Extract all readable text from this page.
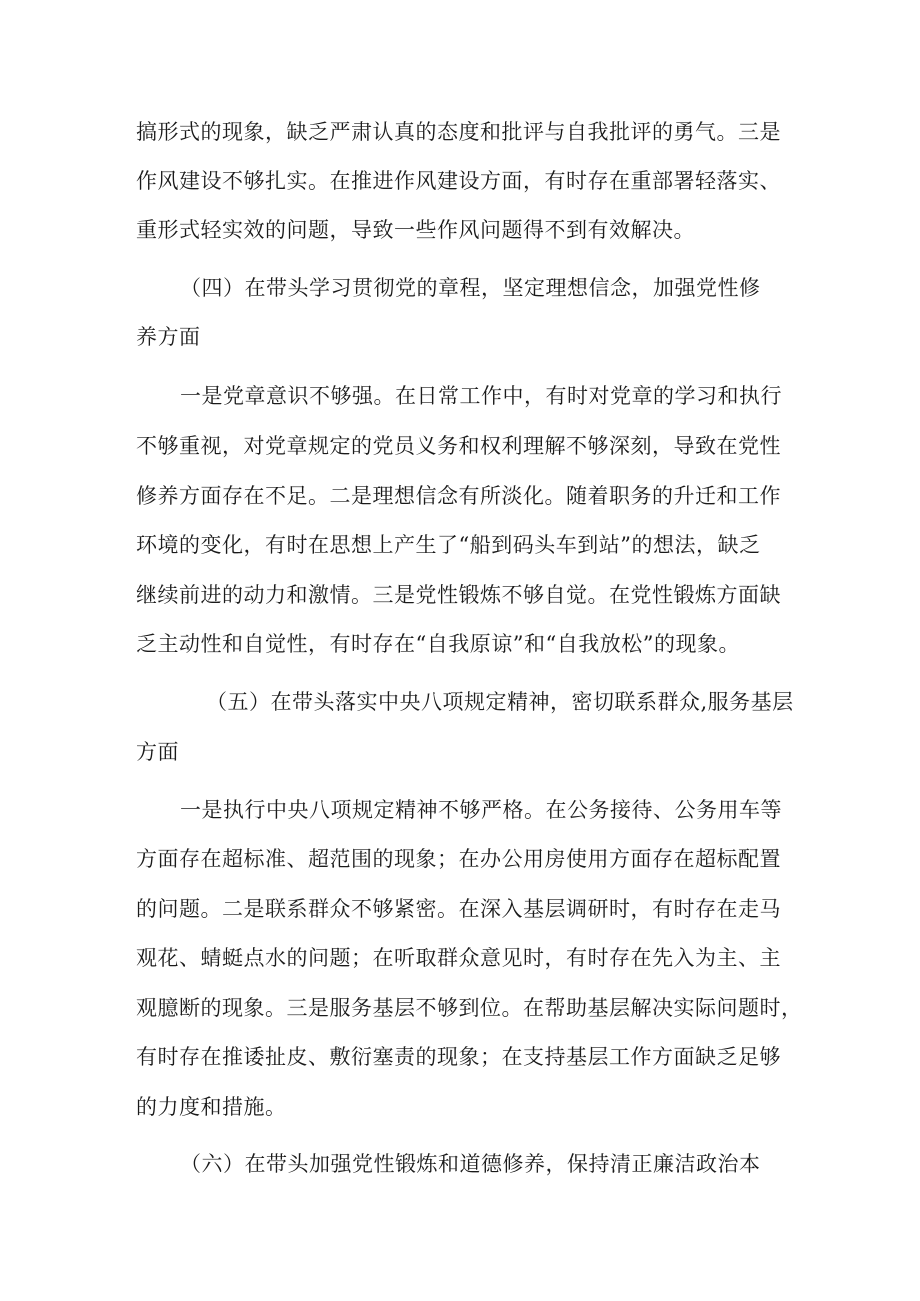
搞形式的现象，缺乏严肃认真的态度和批评与自我批评的勇气。三是

作风建设不够扎实。在推进作风建设方面，有时存在重部署轻落实、

重形式轻实效的问题，导致一些作风问题得不到有效解决。

（四）在带头学习贯彻党的章程，坚定理想信念，加强党性修

养方面

一是党章意识不够强。在日常工作中，有时对党章的学习和执行

不够重视，对党章规定的党员义务和权利理解不够深刻，导致在党性

修养方面存在不足。二是理想信念有所淡化。随着职务的升迁和工作

环境的变化，有时在思想上产生了“船到码头车到站”的想法，缺乏

继续前进的动力和激情。三是党性锻炼不够自觉。在党性锻炼方面缺

乏主动性和自觉性，有时存在“自我原谅”和“自我放松”的现象。

（五）在带头落实中央八项规定精神，密切联系群众,服务基层

方面

一是执行中央八项规定精神不够严格。在公务接待、公务用车等

方面存在超标准、超范围的现象；在办公用房使用方面存在超标配置

的问题。二是联系群众不够紧密。在深入基层调研时，有时存在走马

观花、蜻蜓点水的问题；在听取群众意见时，有时存在先入为主、主

观臆断的现象。三是服务基层不够到位。在帮助基层解决实际问题时，

有时存在推诿扯皮、敷衍塞责的现象；在支持基层工作方面缺乏足够

的力度和措施。

（六）在带头加强党性锻炼和道德修养，保持清正廉洁政治本
